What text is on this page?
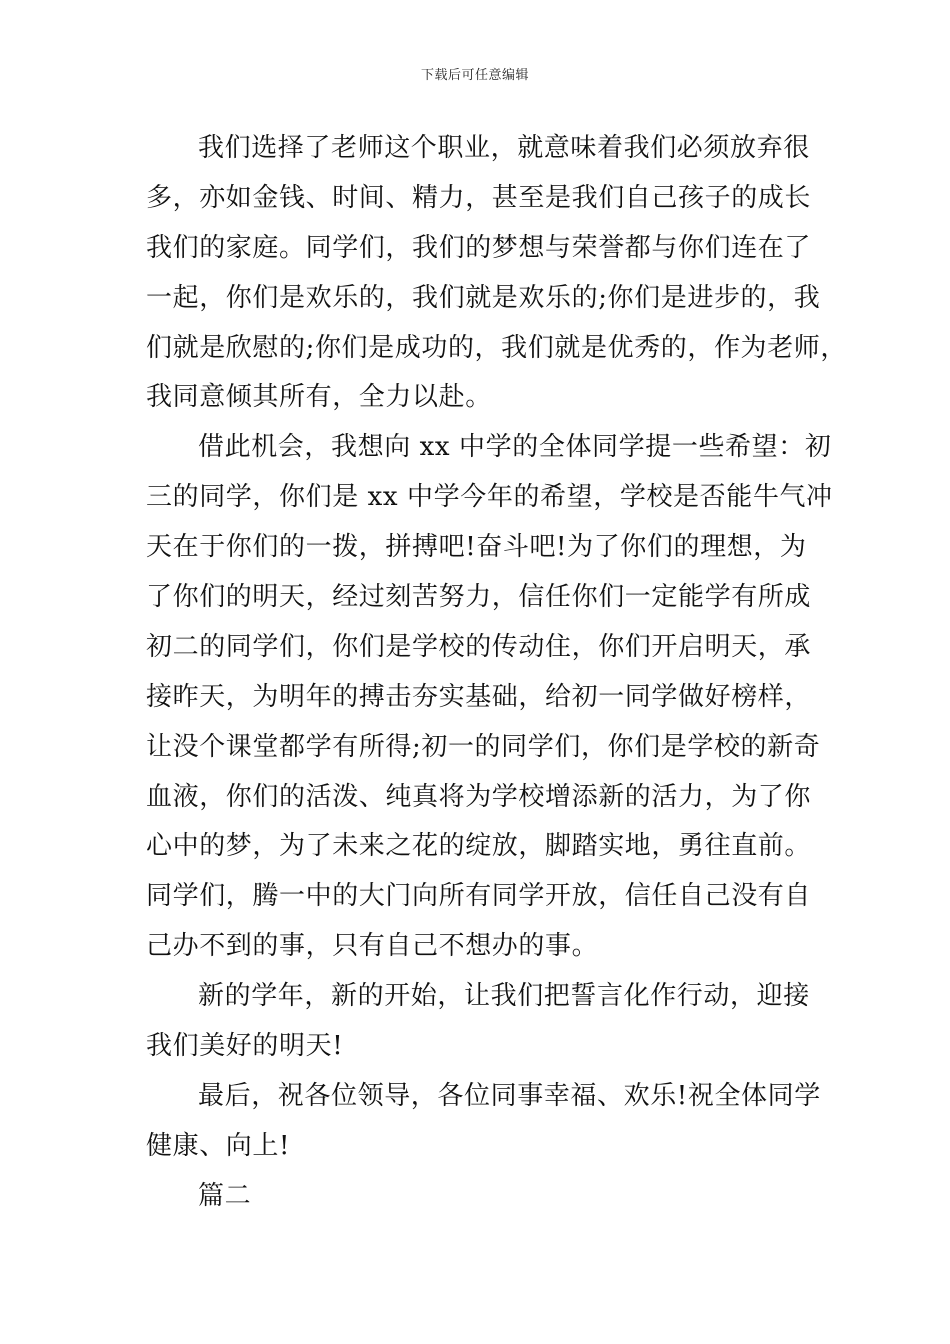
下载后可任意编辑
我们选择了老师这个职业，就意味着我们必须放弃很
多，亦如金钱、时间、精力，甚至是我们自己孩子的成长
我们的家庭。同学们，我们的梦想与荣誉都与你们连在了
一起，你们是欢乐的，我们就是欢乐的;你们是进步的，我
们就是欣慰的;你们是成功的，我们就是优秀的，作为老师，
我同意倾其所有，全力以赴。
借此机会，我想向 xx 中学的全体同学提一些希望：初
三的同学，你们是 xx 中学今年的希望，学校是否能牛气冲
天在于你们的一拨，拼搏吧!奋斗吧!为了你们的理想，为
了你们的明天，经过刻苦努力，信任你们一定能学有所成
初二的同学们，你们是学校的传动住，你们开启明天，承
接昨天，为明年的搏击夯实基础，给初一同学做好榜样，
让没个课堂都学有所得;初一的同学们，你们是学校的新奇
血液，你们的活泼、纯真将为学校增添新的活力，为了你
心中的梦，为了未来之花的绽放，脚踏实地，勇往直前。
同学们，腾一中的大门向所有同学开放，信任自己没有自
己办不到的事，只有自己不想办的事。
新的学年，新的开始，让我们把誓言化作行动，迎接
我们美好的明天!
最后，祝各位领导，各位同事幸福、欢乐!祝全体同学
健康、向上!
篇二
